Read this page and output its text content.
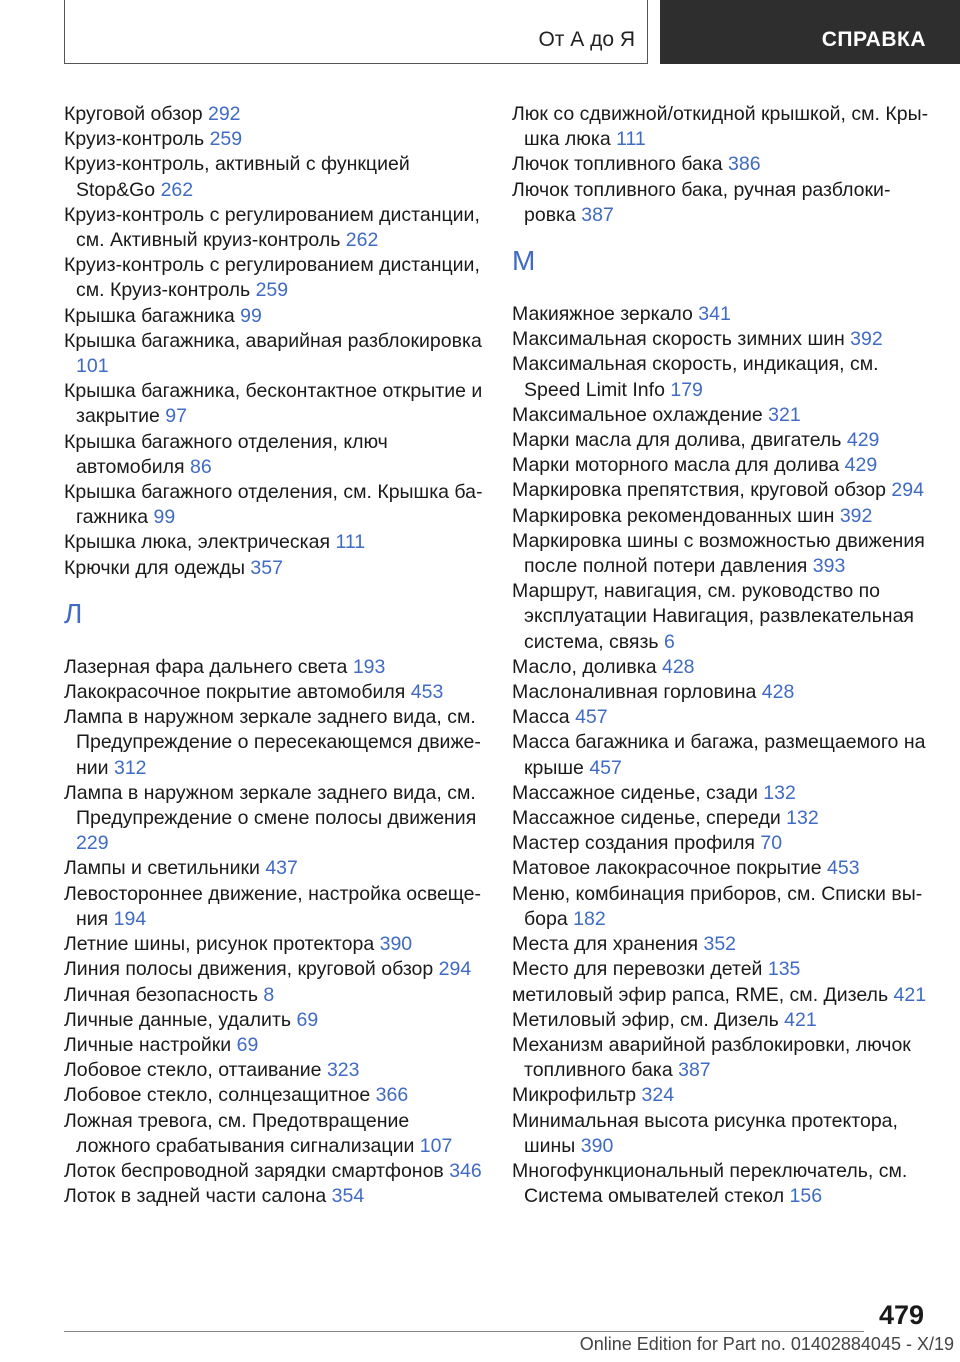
От А до Я	СПРАВКА

Круговой обзор 292

Круиз-контроль 259

Круиз-контроль, активный с функцией Stop&Go 262

Круиз-контроль с регулированием дистанции, см. Активный круиз-контроль 262

Круиз-контроль с регулированием дистанции, см. Круиз-контроль 259

Крышка багажника 99

Крышка багажника, аварийная разблокировка 101

Крышка багажника, бесконтактное открытие и закрытие 97

Крышка багажного отделения, ключ автомобиля 86

Крышка багажного отделения, см. Крышка багажника 99

Крышка люка, электрическая 111

Крючки для одежды 357

Л

Лазерная фара дальнего света 193

Лакокрасочное покрытие автомобиля 453

Лампа в наружном зеркале заднего вида, см. Предупреждение о пересекающемся движении 312

Лампа в наружном зеркале заднего вида, см. Предупреждение о смене полосы движения 229

Лампы и светильники 437

Левостороннее движение, настройка освещения 194

Летние шины, рисунок протектора 390

Линия полосы движения, круговой обзор 294

Личная безопасность 8

Личные данные, удалить 69

Личные настройки 69

Лобовое стекло, оттаивание 323

Лобовое стекло, солнцезащитное 366

Ложная тревога, см. Предотвращение ложного срабатывания сигнализации 107

Лоток беспроводной зарядки смартфонов 346

Лоток в задней части салона 354

Люк со сдвижной/откидной крышкой, см. Крышка люка 111

Лючок топливного бака 386

Лючок топливного бака, ручная разблокировка 387

М

Макияжное зеркало 341

Максимальная скорость зимних шин 392

Максимальная скорость, индикация, см. Speed Limit Info 179

Максимальное охлаждение 321

Марки масла для долива, двигатель 429

Марки моторного масла для долива 429

Маркировка препятствия, круговой обзор 294

Маркировка рекомендованных шин 392

Маркировка шины с возможностью движения после полной потери давления 393

Маршрут, навигация, см. руководство по эксплуатации Навигация, развлекательная система, связь 6

Масло, доливка 428

Маслоналивная горловина 428

Масса 457

Масса багажника и багажа, размещаемого на крыше 457

Массажное сиденье, сзади 132

Массажное сиденье, спереди 132

Мастер создания профиля 70

Матовое лакокрасочное покрытие 453

Меню, комбинация приборов, см. Списки выбора 182

Места для хранения 352

Место для перевозки детей 135

метиловый эфир рапса, RME, см. Дизель 421

Метиловый эфир, см. Дизель 421

Механизм аварийной разблокировки, лючок топливного бака 387

Микрофильтр 324

Минимальная высота рисунка протектора, шины 390

Многофункциональный переключатель, см. Система омывателей стекол 156

479
Online Edition for Part no. 01402884045 - X/19
